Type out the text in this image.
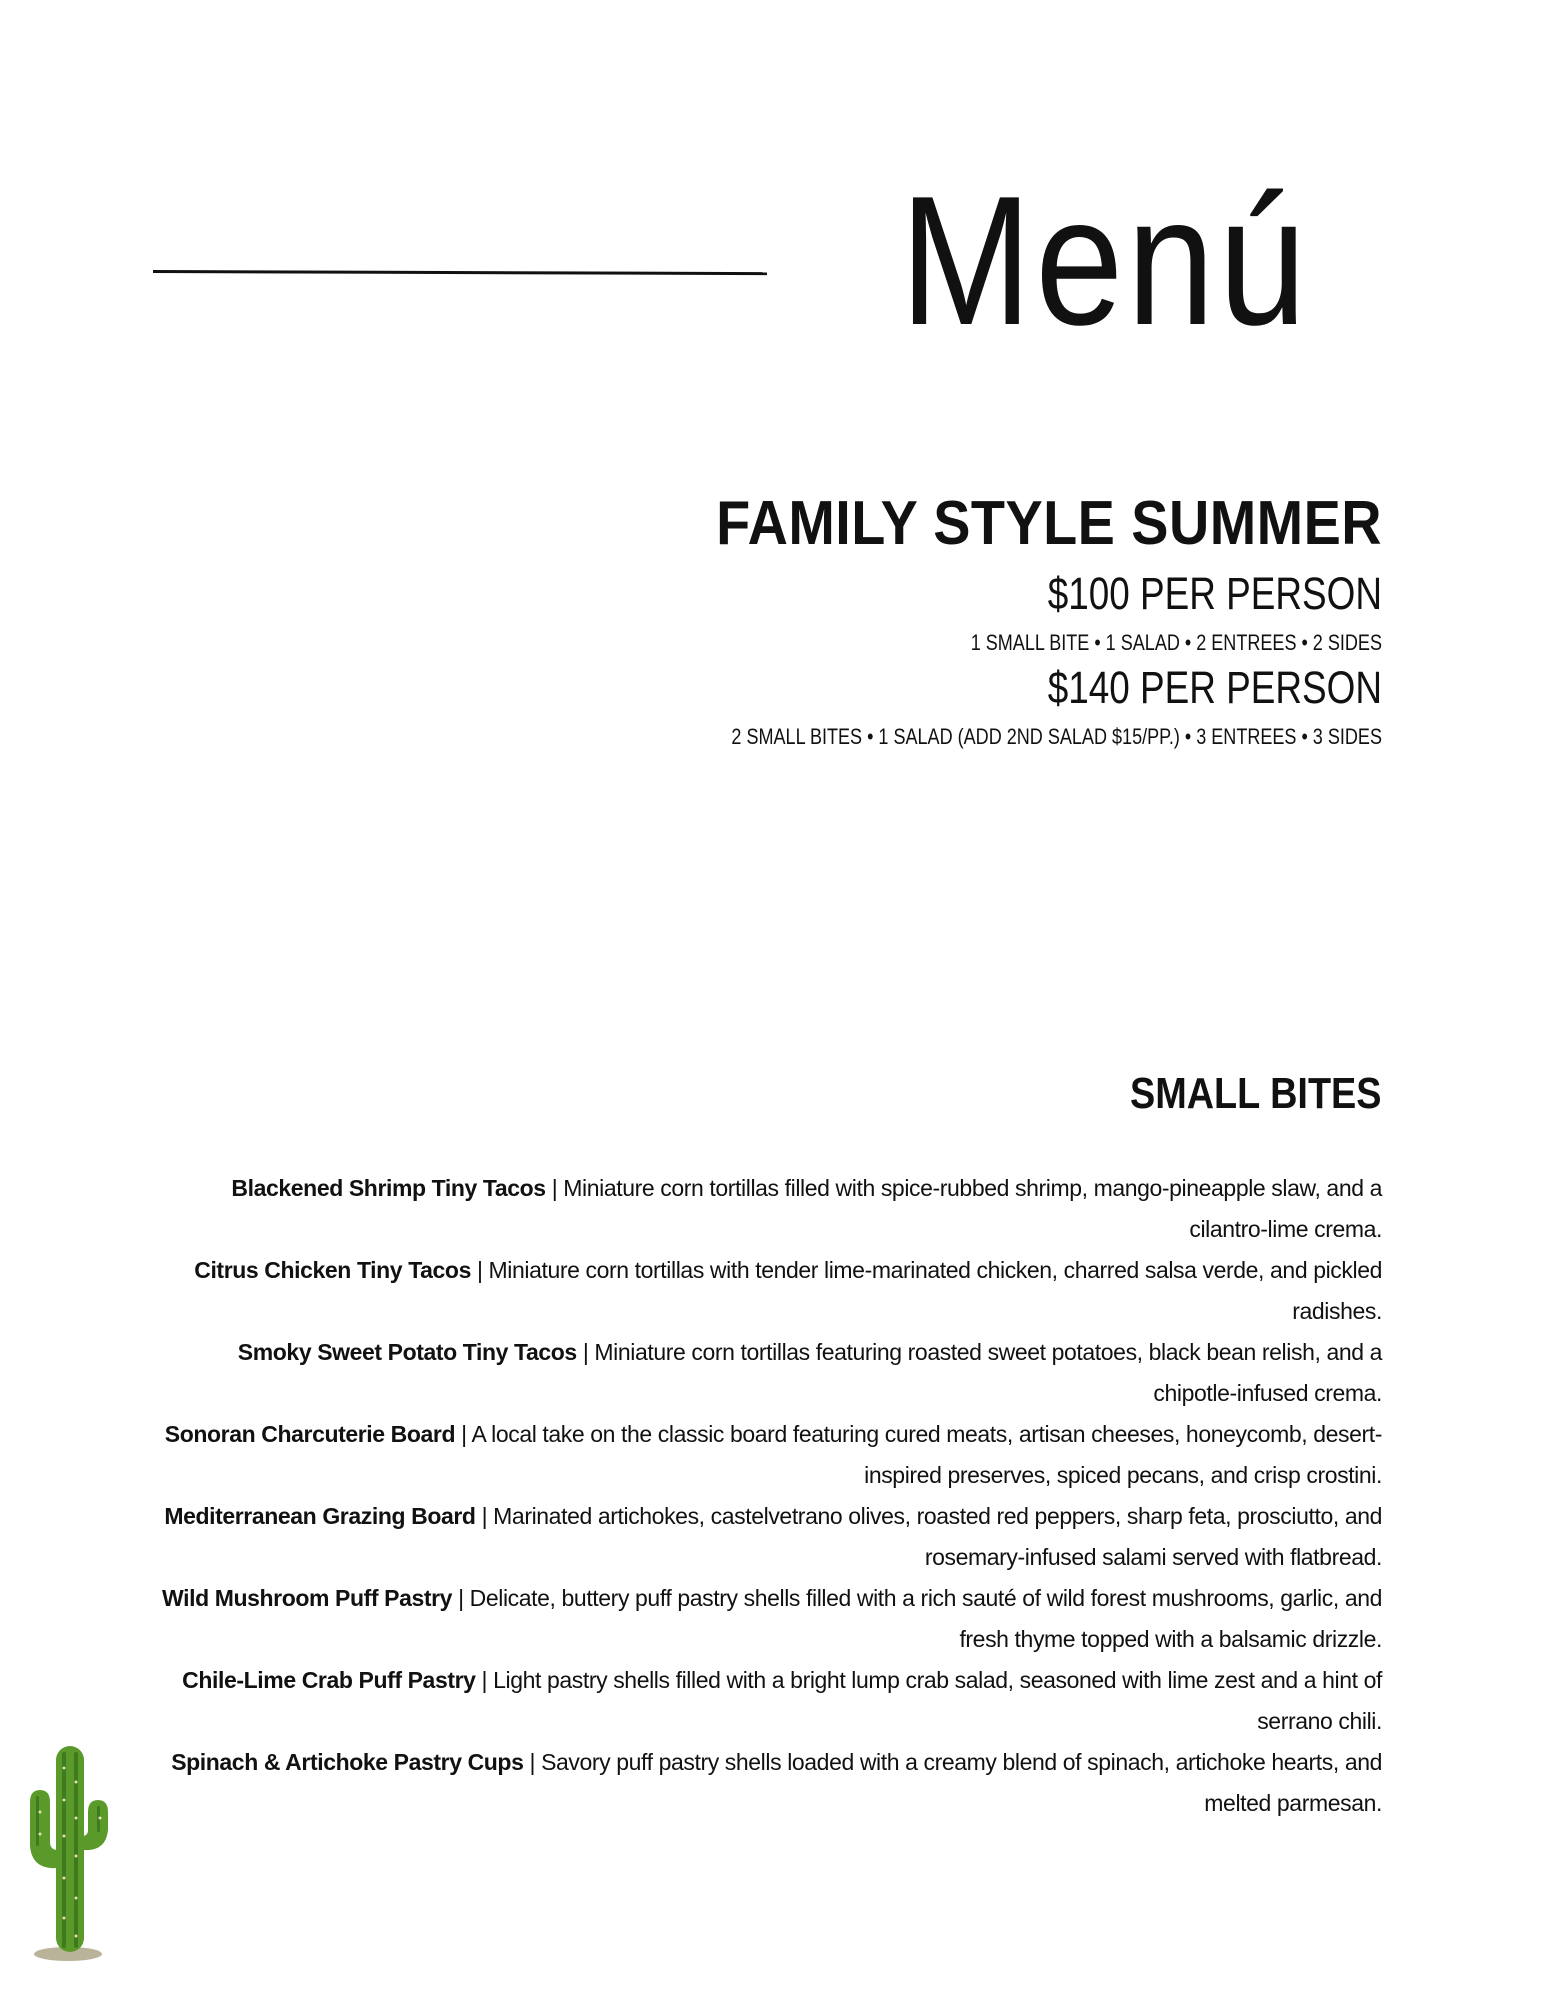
Menú
FAMILY STYLE SUMMER
$100 PER PERSON
1 SMALL BITE • 1 SALAD • 2 ENTREES • 2 SIDES
$140 PER PERSON
2 SMALL BITES • 1 SALAD (ADD 2ND SALAD $15/PP.) • 3 ENTREES • 3 SIDES
SMALL BITES
Blackened Shrimp Tiny Tacos | Miniature corn tortillas filled with spice-rubbed shrimp, mango-pineapple slaw, and a cilantro-lime crema.
Citrus Chicken Tiny Tacos | Miniature corn tortillas with tender lime-marinated chicken, charred salsa verde, and pickled radishes.
Smoky Sweet Potato Tiny Tacos | Miniature corn tortillas featuring roasted sweet potatoes, black bean relish, and a chipotle-infused crema.
Sonoran Charcuterie Board | A local take on the classic board featuring cured meats, artisan cheeses, honeycomb, desert-inspired preserves, spiced pecans, and crisp crostini.
Mediterranean Grazing Board | Marinated artichokes, castelvetrano olives, roasted red peppers, sharp feta, prosciutto, and rosemary-infused salami served with flatbread.
Wild Mushroom Puff Pastry | Delicate, buttery puff pastry shells filled with a rich sauté of wild forest mushrooms, garlic, and fresh thyme topped with a balsamic drizzle.
Chile-Lime Crab Puff Pastry | Light pastry shells filled with a bright lump crab salad, seasoned with lime zest and a hint of serrano chili.
Spinach & Artichoke Pastry Cups | Savory puff pastry shells loaded with a creamy blend of spinach, artichoke hearts, and melted parmesan.
